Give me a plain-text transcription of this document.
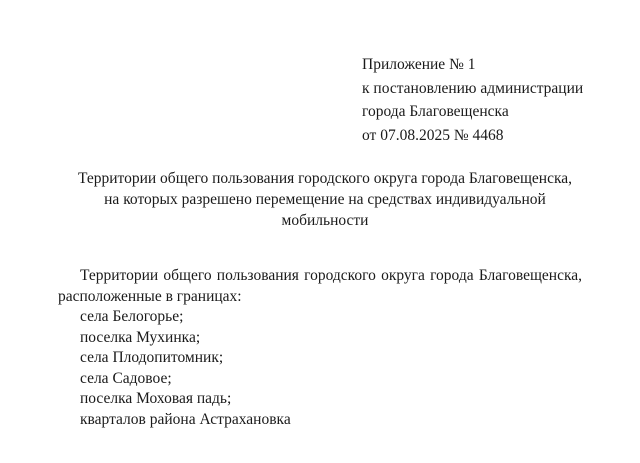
Приложение № 1
к постановлению администрации
города Благовещенска
от 07.08.2025 № 4468
Территории общего пользования городского округа города Благовещенска,
на которых разрешено перемещение на средствах индивидуальной
мобильности
Территории общего пользования городского округа города Благовещенска, расположенные в границах:
села Белогорье;
поселка Мухинка;
села Плодопитомник;
села Садовое;
поселка Моховая падь;
кварталов района Астрахановка
